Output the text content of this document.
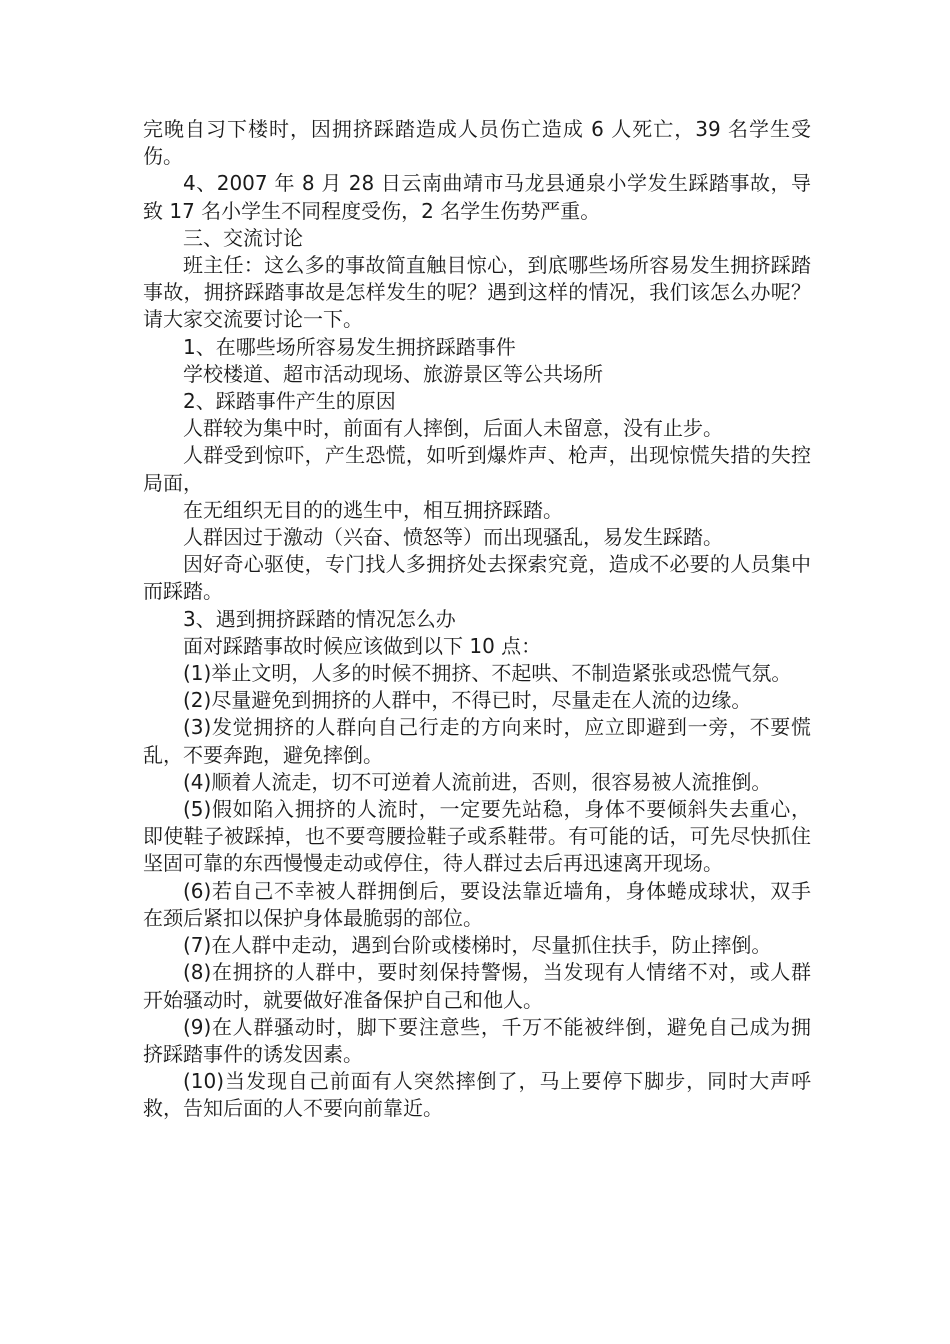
完晚自习下楼时，因拥挤踩踏造成人员伤亡造成 6 人死亡，39 名学生受伤。

4、2007 年 8 月 28 日云南曲靖市马龙县通泉小学发生踩踏事故，导致 17 名小学生不同程度受伤，2 名学生伤势严重。

三、交流讨论

班主任：这么多的事故简直触目惊心，到底哪些场所容易发生拥挤踩踏事故，拥挤踩踏事故是怎样发生的呢？遇到这样的情况，我们该怎么办呢？请大家交流要讨论一下。

1、在哪些场所容易发生拥挤踩踏事件

学校楼道、超市活动现场、旅游景区等公共场所

2、踩踏事件产生的原因

人群较为集中时，前面有人摔倒，后面人未留意，没有止步。

人群受到惊吓，产生恐慌，如听到爆炸声、枪声，出现惊慌失措的失控局面，

在无组织无目的的逃生中，相互拥挤踩踏。

人群因过于激动（兴奋、愤怒等）而出现骚乱，易发生踩踏。

因好奇心驱使，专门找人多拥挤处去探索究竟，造成不必要的人员集中而踩踏。

3、遇到拥挤踩踏的情况怎么办

面对踩踏事故时候应该做到以下 10 点：

(1)举止文明，人多的时候不拥挤、不起哄、不制造紧张或恐慌气氛。

(2)尽量避免到拥挤的人群中，不得已时，尽量走在人流的边缘。

(3)发觉拥挤的人群向自己行走的方向来时，应立即避到一旁，不要慌乱，不要奔跑，避免摔倒。

(4)顺着人流走，切不可逆着人流前进，否则，很容易被人流推倒。

(5)假如陷入拥挤的人流时，一定要先站稳，身体不要倾斜失去重心，即使鞋子被踩掉，也不要弯腰捡鞋子或系鞋带。有可能的话，可先尽快抓住坚固可靠的东西慢慢走动或停住，待人群过去后再迅速离开现场。

(6)若自己不幸被人群拥倒后，要设法靠近墙角，身体蜷成球状，双手在颈后紧扣以保护身体最脆弱的部位。

(7)在人群中走动，遇到台阶或楼梯时，尽量抓住扶手，防止摔倒。

(8)在拥挤的人群中，要时刻保持警惕，当发现有人情绪不对，或人群开始骚动时，就要做好准备保护自己和他人。

(9)在人群骚动时，脚下要注意些，千万不能被绊倒，避免自己成为拥挤踩踏事件的诱发因素。

(10)当发现自己前面有人突然摔倒了，马上要停下脚步，同时大声呼救，告知后面的人不要向前靠近。
